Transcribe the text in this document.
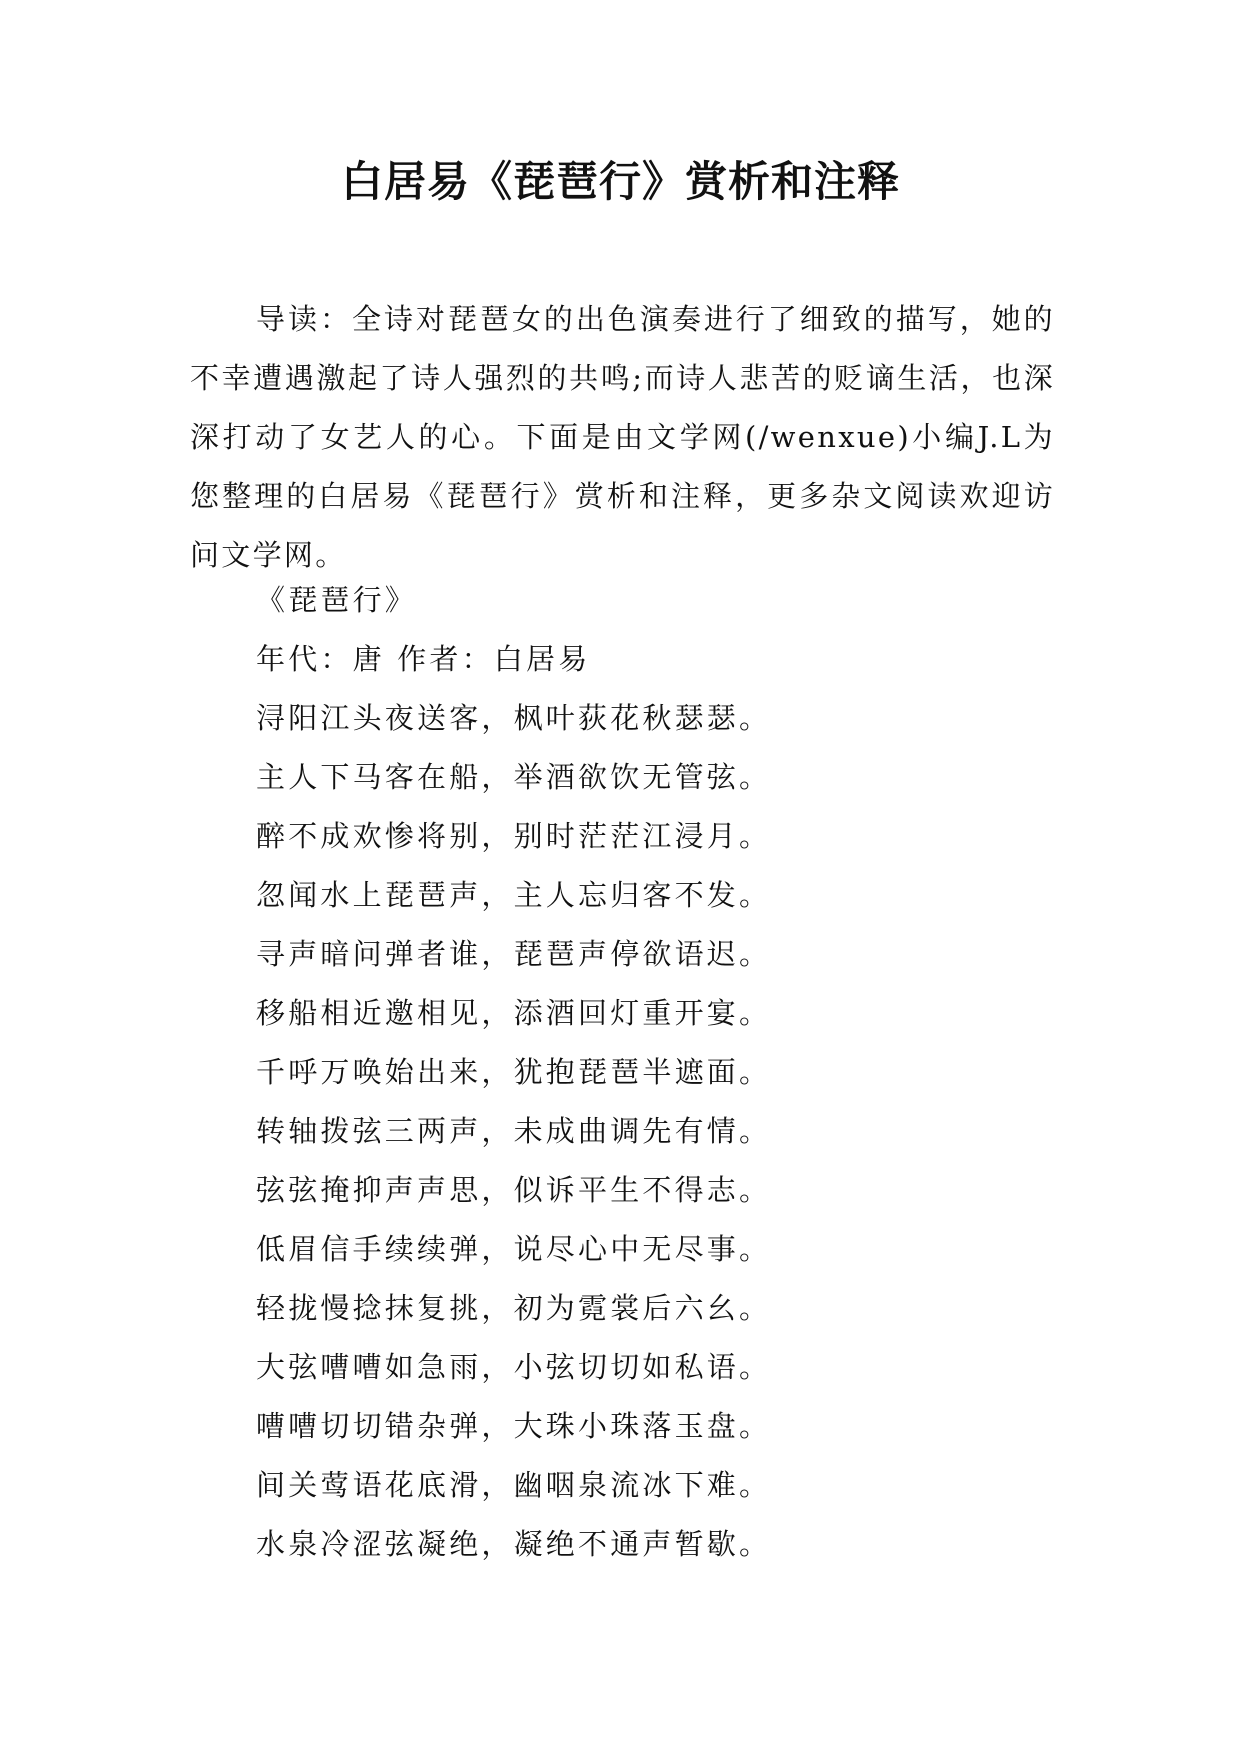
白居易《琵琶行》赏析和注释

导读：全诗对琵琶女的出色演奏进行了细致的描写，她的不幸遭遇激起了诗人强烈的共鸣;而诗人悲苦的贬谪生活，也深深打动了女艺人的心。下面是由文学网(/wenxue)小编J.L为您整理的白居易《琵琶行》赏析和注释，更多杂文阅读欢迎访问文学网。

《琵琶行》

年代：唐 作者：白居易

浔阳江头夜送客，枫叶荻花秋瑟瑟。
主人下马客在船，举酒欲饮无管弦。
醉不成欢惨将别，别时茫茫江浸月。
忽闻水上琵琶声，主人忘归客不发。
寻声暗问弹者谁，琵琶声停欲语迟。
移船相近邀相见，添酒回灯重开宴。
千呼万唤始出来，犹抱琵琶半遮面。
转轴拨弦三两声，未成曲调先有情。
弦弦掩抑声声思，似诉平生不得志。
低眉信手续续弹，说尽心中无尽事。
轻拢慢捻抹复挑，初为霓裳后六幺。
大弦嘈嘈如急雨，小弦切切如私语。
嘈嘈切切错杂弹，大珠小珠落玉盘。
间关莺语花底滑，幽咽泉流冰下难。
水泉冷涩弦凝绝，凝绝不通声暂歇。
